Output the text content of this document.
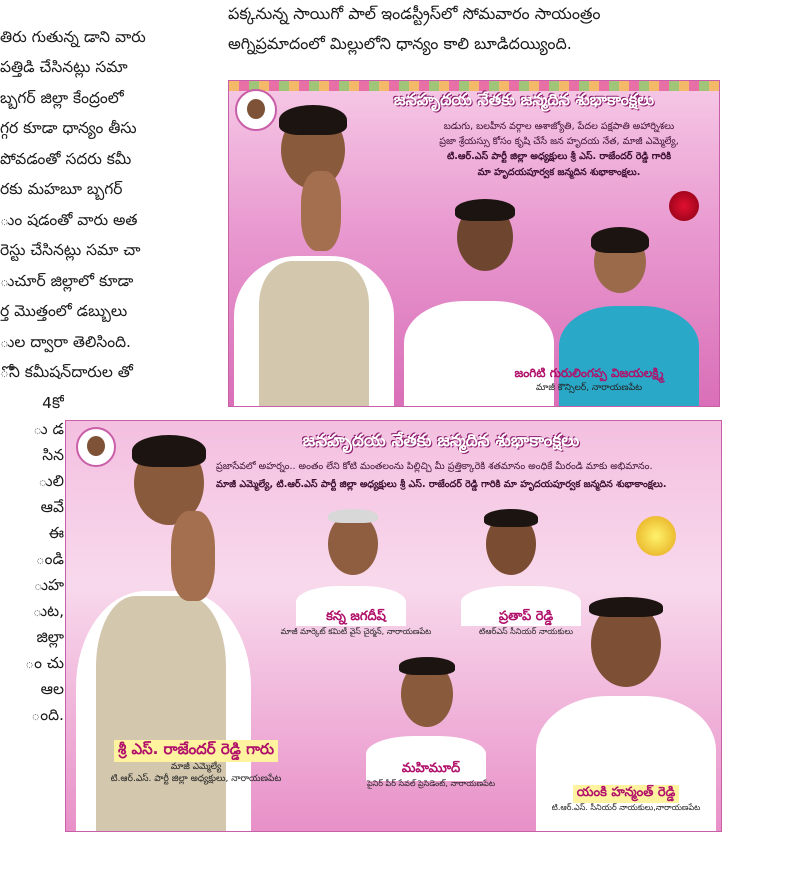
పక్కనున్న సాయిగో పాల్ ఇండస్ట్రీస్‌లో సోమవారం సాయంత్రం
అగ్నిప్రమాదంలో మిల్లులోని ధాన్యం కాలి బూడిదయ్యింది.
తిరు గుతున్న డాని వారు
పత్తిడి చేసినట్లు సమా
బ్బగర్ జిల్లా కేంద్రంలో
గ్గర కూడా ధాన్యం తీసు
పోవడంతో సదరు కమీ
రకు మహబూ బ్బగర్
ుం షడంతో వారు అత
రెస్టు చేసినట్లు సమా చా
ుచూర్ జిల్లాలో కూడా
ర్త మొత్తంలో డబ్బులు
ుల ద్వారా తెలిసింది.
ోని కమీషన్‌దారుల తో
4కో
ు డ
సిన
ులి
ఆవే
ఈ
ండి
ుహ
ుట,
జిల్లా
ం చు
ఆల
ంది.
జనహృదయ నేతకు జన్మదిన శుభాకాంక్షలు
బడుగు, బలహీన వర్గాల ఆశాజ్యోతి, పేదల పక్షపాతి అహార్నిశలు
ప్రజా శ్రేయస్సు కోసం కృషి చేసే జన హృదయ నేత, మాజీ ఎమ్మెల్యే,
టి.ఆర్.ఎస్ పార్టీ జిల్లా అధ్యక్షులు శ్రీ ఎస్. రాజేందర్ రెడ్డి గారికి
మా హృదయపూర్వక జన్మదిన శుభాకాంక్షలు.
జంగిటి గురులింగప్ప విజయలక్ష్మి
మాజీ కౌన్సిలర్, నారాయణపేట
జనహృదయ నేతకు జన్మదిన శుభాకాంక్షలు
ప్రజాసేవలో అహర్నం.. అంతం లేని కోటి మంతలంను పిల్లిచ్చి మీ ప్రత్తిక్కారెకి శతమానం అంధికే మీరండి మాకు అభిమానం.
మాజీ ఎమ్మెల్యే, టి.ఆర్.ఎస్ పార్టీ జిల్లా అధ్యక్షులు శ్రీ ఎస్. రాజేందర్ రెడ్డి గారికి మా హృదయపూర్వక జన్మదిన శుభాకాంక్షలు.
శ్రీ ఎస్. రాజేందర్ రెడ్డి గారు
మాజీ ఎమ్మెల్యే
టి.ఆర్.ఎస్. పార్టీ జిల్లా అధ్యక్షులు, నారాయణపేట
కన్న జగదీష్
మాజీ మార్కెట్ కమిటీ వైస్ చైర్మన్, నారాయణపేట
ప్రతాప్ రెడ్డి
టిఆర్‌ఎస్ సీనియర్ నాయకులు
మహిమూద్
పైనిర్ పీర్ సేవల్ ప్రెసిడెంట్, నారాయణపేట
యంకి హన్మంత్ రెడ్డి
టి.ఆర్.ఎస్. సీనియర్ నాయకులు,నారాయణపేట
